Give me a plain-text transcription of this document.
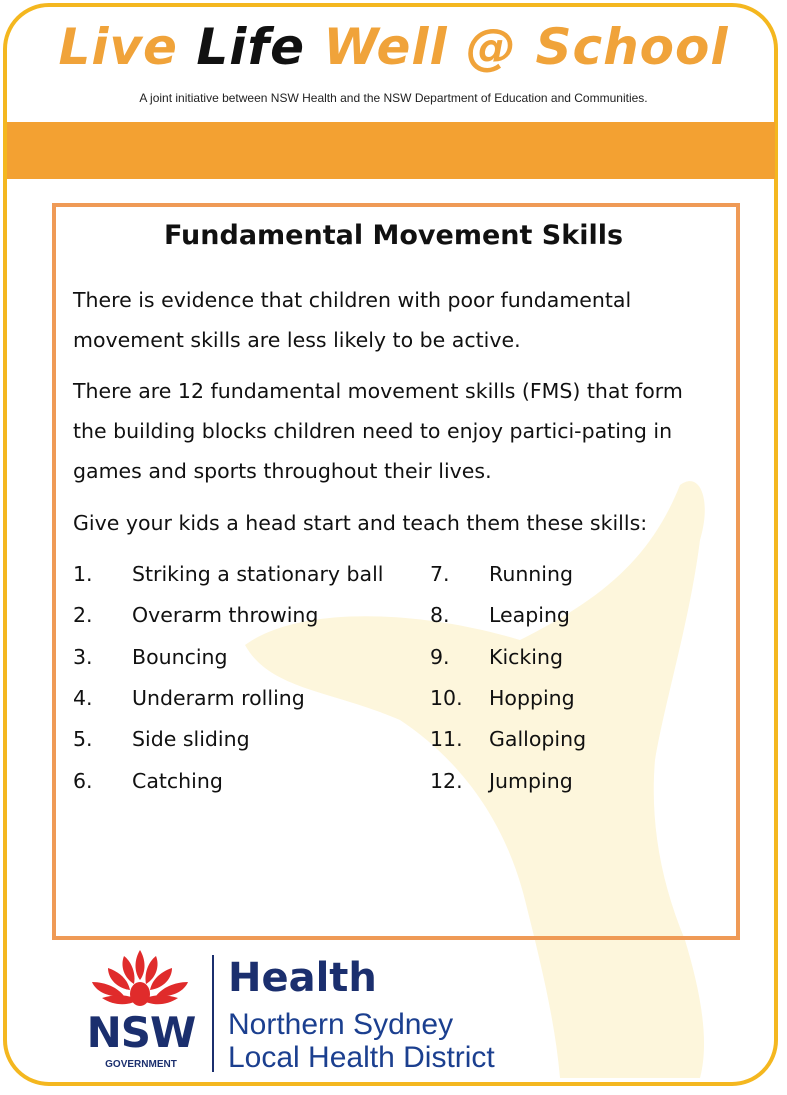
Live Life Well @ School
A joint initiative between NSW Health and the NSW Department of Education and Communities.
Fundamental Movement Skills

There is evidence that children with poor fundamental movement skills are less likely to be active.

There are 12 fundamental movement skills (FMS) that form the building blocks children need to enjoy partici-pating in games and sports throughout their lives.

Give your kids a head start and teach them these skills:

1. Striking a stationary ball
2. Overarm throwing
3. Bouncing
4. Underarm rolling
5. Side sliding
6. Catching
7. Running
8. Leaping
9. Kicking
10. Hopping
11. Galloping
12. Jumping
NSW
GOVERNMENT
Health
Northern Sydney
Local Health District
